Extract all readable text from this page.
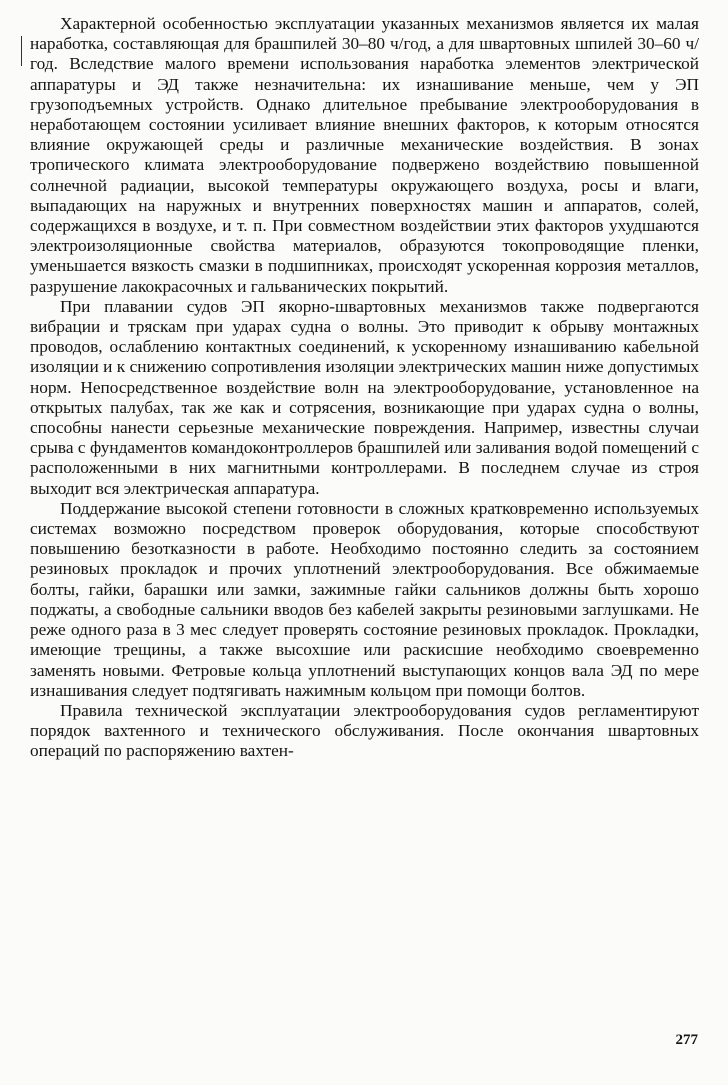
Характерной особенностью эксплуатации указанных механизмов является их малая наработка, составляющая для брашпилей 30–80 ч/год, а для швартовных шпилей 30–60 ч/год. Вследствие малого времени использования наработка элементов электрической аппаратуры и ЭД также незначительна: их изнашивание меньше, чем у ЭП грузоподъемных устройств. Однако длительное пребывание электрооборудования в неработающем состоянии усиливает влияние внешних факторов, к которым относятся влияние окружающей среды и различные механические воздействия. В зонах тропического климата электрооборудование подвержено воздействию повышенной солнечной радиации, высокой температуры окружающего воздуха, росы и влаги, выпадающих на наружных и внутренних поверхностях машин и аппаратов, солей, содержащихся в воздухе, и т. п. При совместном воздействии этих факторов ухудшаются электроизоляционные свойства материалов, образуются токопроводящие пленки, уменьшается вязкость смазки в подшипниках, происходят ускоренная коррозия металлов, разрушение лакокрасочных и гальванических покрытий.

При плавании судов ЭП якорно-швартовных механизмов также подвергаются вибрации и тряскам при ударах судна о волны. Это приводит к обрыву монтажных проводов, ослаблению контактных соединений, к ускоренному изнашиванию кабельной изоляции и к снижению сопротивления изоляции электрических машин ниже допустимых норм. Непосредственное воздействие волн на электрооборудование, установленное на открытых палубах, так же как и сотрясения, возникающие при ударах судна о волны, способны нанести серьезные механические повреждения. Например, известны случаи срыва с фундаментов командоконтроллеров брашпилей или заливания водой помещений с расположенными в них магнитными контроллерами. В последнем случае из строя выходит вся электрическая аппаратура.

Поддержание высокой степени готовности в сложных кратковременно используемых системах возможно посредством проверок оборудования, которые способствуют повышению безотказности в работе. Необходимо постоянно следить за состоянием резиновых прокладок и прочих уплотнений электрооборудования. Все обжимаемые болты, гайки, барашки или замки, зажимные гайки сальников должны быть хорошо поджаты, а свободные сальники вводов без кабелей закрыты резиновыми заглушками. Не реже одного раза в 3 мес следует проверять состояние резиновых прокладок. Прокладки, имеющие трещины, а также высохшие или раскисшие необходимо своевременно заменять новыми. Фетровые кольца уплотнений выступающих концов вала ЭД по мере изнашивания следует подтягивать нажимным кольцом при помощи болтов.

Правила технической эксплуатации электрооборудования судов регламентируют порядок вахтенного и технического обслуживания. После окончания швартовных операций по распоряжению вахтен-

277
